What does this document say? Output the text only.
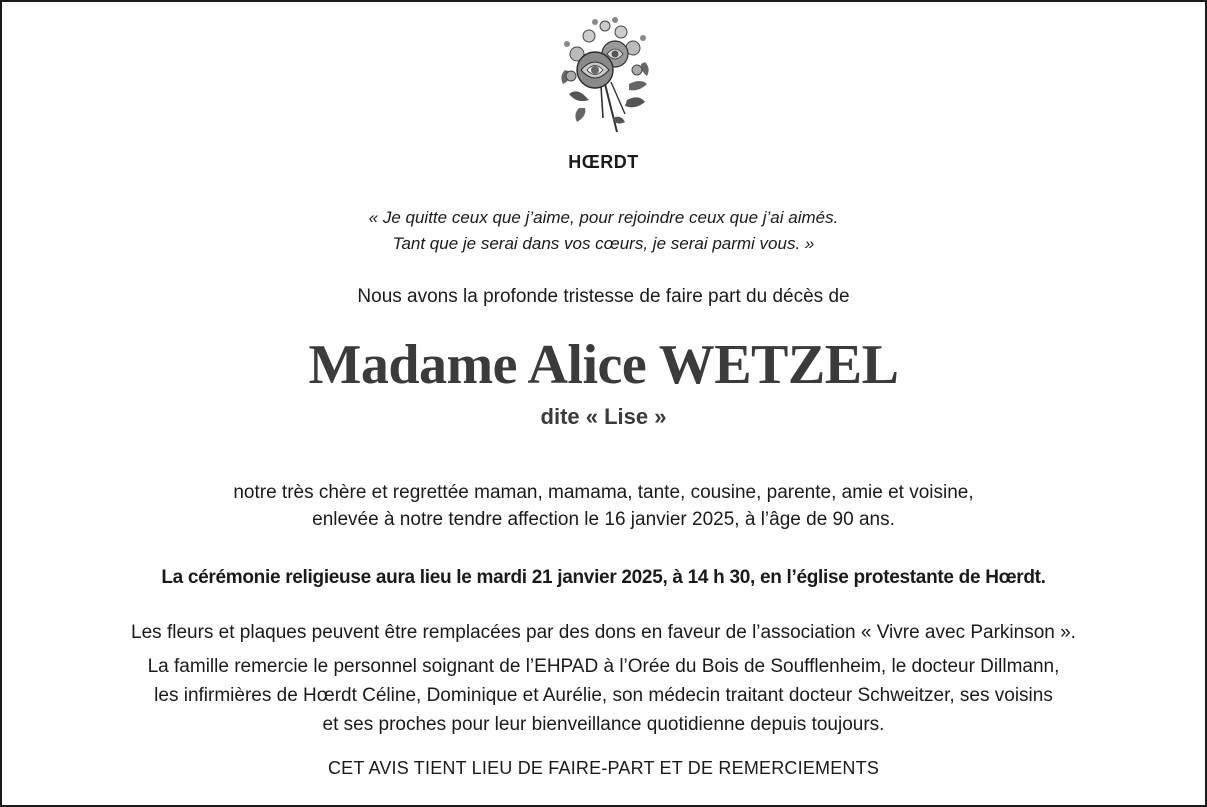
HŒRDT

« Je quitte ceux que j’aime, pour rejoindre ceux que j’ai aimés.

Tant que je serai dans vos cœurs, je serai parmi vous. »

Nous avons la profonde tristesse de faire part du décès de

Madame Alice WETZEL

dite « Lise »

notre très chère et regrettée maman, mamama, tante, cousine, parente, amie et voisine,

enlevée à notre tendre affection le 16 janvier 2025, à l’âge de 90 ans.

La cérémonie religieuse aura lieu le mardi 21 janvier 2025, à 14 h 30, en l’église protestante de Hœrdt.

Les fleurs et plaques peuvent être remplacées par des dons en faveur de l’association « Vivre avec Parkinson ».

La famille remercie le personnel soignant de l’EHPAD à l’Orée du Bois de Soufflenheim, le docteur Dillmann,

les infirmières de Hœrdt Céline, Dominique et Aurélie, son médecin traitant docteur Schweitzer, ses voisins

et ses proches pour leur bienveillance quotidienne depuis toujours.

CET AVIS TIENT LIEU DE FAIRE-PART ET DE REMERCIEMENTS
